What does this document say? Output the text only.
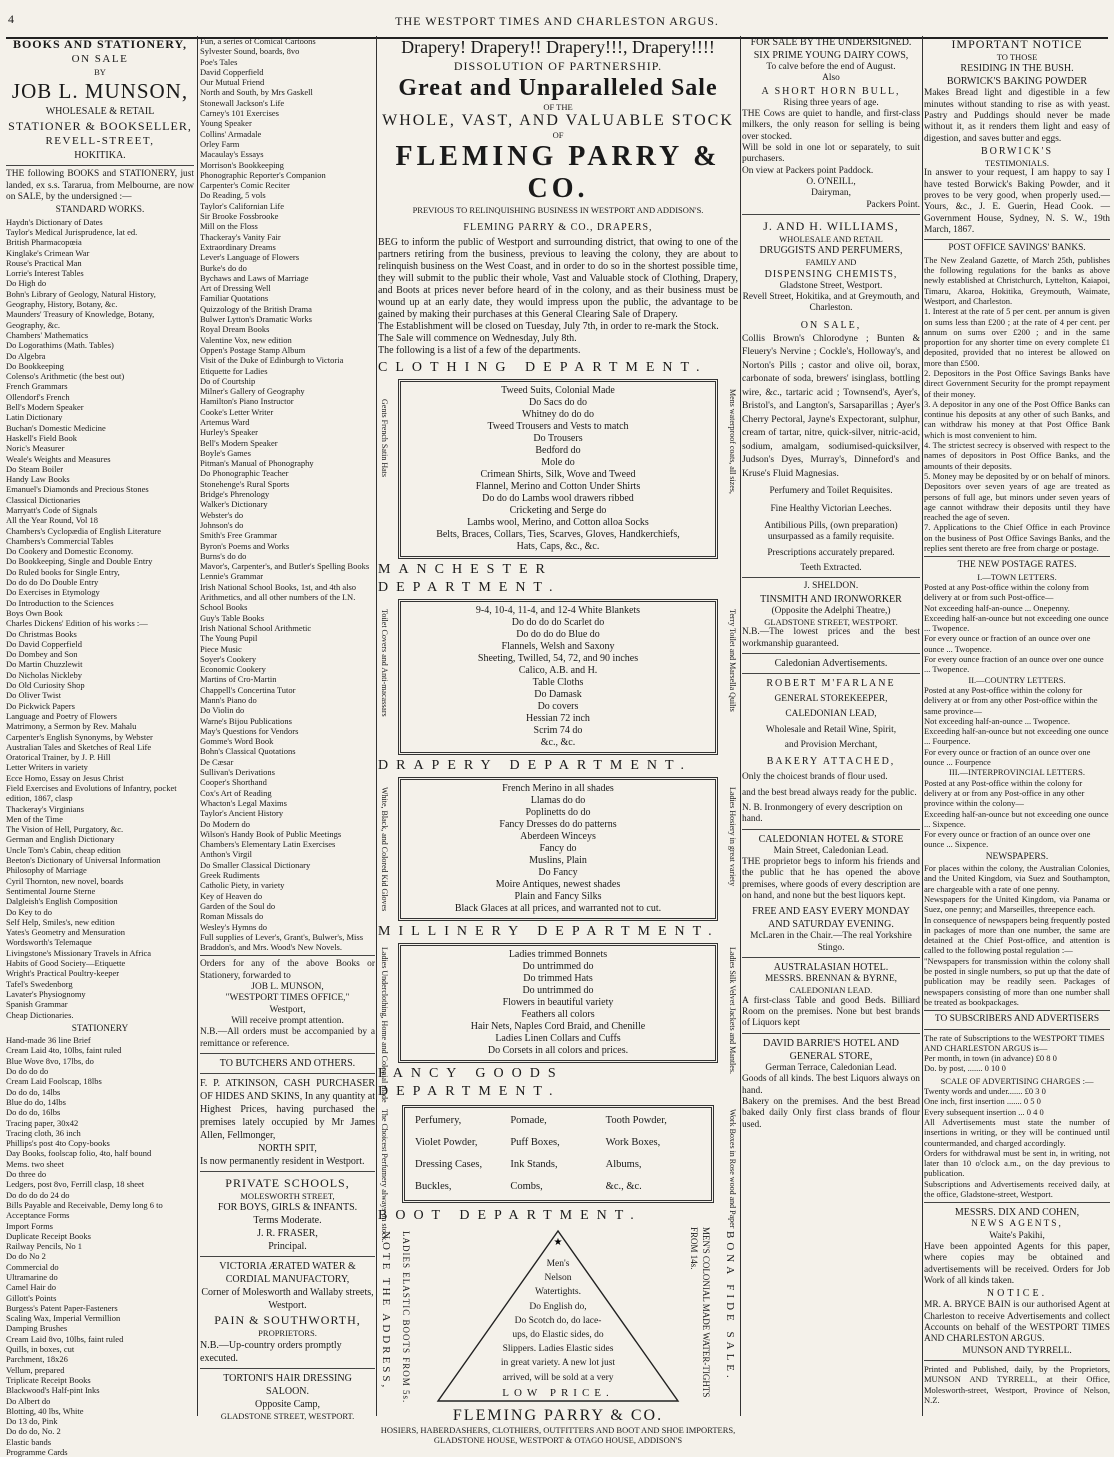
4	THE WESTPORT TIMES AND CHARLESTON ARGUS.
BOOKS AND STATIONERY,
ON SALE
BY
JOB L. MUNSON,
WHOLESALE & RETAIL
STATIONER & BOOKSELLER,
REVELL-STREET,
HOKITIKA.
THE following BOOKS and STATIONERY, just landed, ex s.s. Tararua, from Melbourne, are now on SALE, by the undersigned :—
STANDARD WORKS.
Haydn's Dictionary of Dates
Taylor's Medical Jurisprudence, lat ed.
British Pharmacopœia
Kinglake's Crimean War
Rouse's Practical Man
Lorrie's Interest Tables
Do High do
Bohn's Library of Geology, Natural History, Geography, History, Botany, &c.
Maunders' Treasury of Knowledge, Botany, Geography, &c.
Chambers' Mathematics
Do Logorathims (Math. Tables)
Do Algebra
Do Bookkeeping
Colenso's Arithmetic (the best out)
French Grammars
Ollendorf's French
Bell's Modern Speaker
Latin Dictionary
Buchan's Domestic Medicine
Haskell's Field Book
Noric's Measurer
Weale's Weights and Measures
Do Steam Boiler
Handy Law Books
Emanuel's Diamonds and Precious Stones
Classical Dictionaries
Marryatt's Code of Signals
All the Year Round, Vol 18
Chambers's Cyclopædia of English Literature
Chambers's Commercial Tables
Do Cookery and Domestic Economy.
Do Bookkeeping, Single and Double Entry
Do Ruled books for Single Entry,
Do do do Do Double Entry
Do Exercises in Etymology
Do Introduction to the Sciences
Boys Own Book
Charles Dickens' Edition of his works :—
Do Christmas Books
Do David Copperfield
Do Dombey and Son
Do Martin Chuzzlewit
Do Nicholas Nickleby
Do Old Curiosity Shop
Do Oliver Twist
Do Pickwick Papers
Language and Poetry of Flowers
Matrimony, a Sermon by Rev. Mahalu
Carpenter's English Synonyms, by Webster
Australian Tales and Sketches of Real Life
Oratorical Trainer, by J. P. Hill
Letter Writers in variety
Ecce Homo, Essay on Jesus Christ
Field Exercises and Evolutions of Infantry, pocket edition, 1867, clasp
Thackeray's Virginians
Men of the Time
The Vision of Hell, Purgatory, &c.
German and English Dictionary
Uncle Tom's Cabin, cheap edition
Beeton's Dictionary of Universal Information
Philosophy of Marriage
Cyril Thornton, new novel, boards
Sentimental Journe Sterne
Dalgleish's English Composition
Do Key to do
Self Help, Smiles's, new edition
Yates's Geometry and Mensuration
Wordsworth's Telemaque
Livingstone's Missionary Travels in Africa
Habits of Good Society—Etiquette
Wright's Practical Poultry-keeper
Tafel's Swedenborg
Lavater's Physiognomy
Spanish Grammar
Cheap Dictionaries.
STATIONERY
Hand-made 36 line Brief
Cream Laid 4to, 10lbs, faint ruled
Blue Wove 8vo, 17lbs, do
Do do do do
Cream Laid Foolscap, 18lbs
Do do do, 14lbs
Blue do do, 14lbs
Do do do, 16lbs
Tracing paper, 30x42
Tracing cloth, 36 inch
Phillips's post 4to Copy-books
Day Books, foolscap folio, 4to, half bound
Mems. two sheet
Do three do
Ledgers, post 8vo, Ferrill clasp, 18 sheet
Do do do do 24 do
Bills Payable and Receivable, Demy long 6 to
Acceptance Forms
Import Forms
Duplicate Receipt Books
Railway Pencils, No 1
Do do No 2
Commercial do
Ultramarine do
Camel Hair do
Gillott's Points
Burgess's Patent Paper-Fasteners
Scaling Wax, Imperial Vermillion
Damping Brushes
Cream Laid 8vo, 10lbs, faint ruled
Quills, in boxes, cut
Parchment, 18x26
Vellum, prepared
Triplicate Receipt Books
Blackwood's Half-pint Inks
Do Albert do
Blotting, 40 lbs, White
Do 13 do, Pink
Do do do, No. 2
Elastic bands
Programme Cards
Fun, a series of Comical Cartoons
Sylvester Sound, boards, 8vo
Poe's Tales
David Copperfield
Our Mutual Friend
North and South, by Mrs Gaskell
Stonewall Jackson's Life
Carney's 101 Exercises
Young Speaker
Collins' Armadale
Orley Farm
Macaulay's Essays
Morrison's Bookkeeping
Phonographic Reporter's Companion
Carpenter's Comic Reciter
Do Reading, 5 vols
Taylor's Californian Life
Sir Brooke Fossbrooke
Mill on the Floss
Thackeray's Vanity Fair
Extraordinary Dreams
Lever's Language of Flowers
Burke's do do
Bychaws and Laws of Marriage
Art of Dressing Well
Familiar Quotations
Quizzology of the British Drama
Bulwer Lytton's Dramatic Works
Royal Dream Books
Valentine Vox, new edition
Oppen's Postage Stamp Album
Visit of the Duke of Edinburgh to Victoria
Etiquette for Ladies
Do of Courtship
Milner's Gallery of Geography
Hamilton's Piano Instructor
Cooke's Letter Writer
Artemus Ward
Hurley's Speaker
Bell's Modern Speaker
Boyle's Games
Pitman's Manual of Phonography
Do Phonographic Teacher
Stonehenge's Rural Sports
Bridge's Phrenology
Walker's Dictionary
Webster's do
Johnson's do
Smith's Free Grammar
Byron's Poems and Works
Burns's do do
Mavor's, Carpenter's, and Butler's Spelling Books
Lennie's Grammar
Irish National School Books, 1st, and 4th also Arithmetics, and all other numbers of the I.N. School Books
Guy's Table Books
Irish National School Arithmetic
The Young Pupil
Piece Music
Soyer's Cookery
Economic Cookery
Martins of Cro-Martin
Chappell's Concertina Tutor
Mann's Piano do
Do Violin do
Warne's Bijou Publications
May's Questions for Vendors
Gomme's Word Book
Bohn's Classical Quotations
De Cæsar
Sullivan's Derivations
Cooper's Shorthand
Cox's Art of Reading
Whacton's Legal Maxims
Taylor's Ancient History
Do Modern do
Wilson's Handy Book of Public Meetings
Chambers's Elementary Latin Exercises
Anthon's Virgil
Do Smaller Classical Dictionary
Greek Rudiments
Catholic Piety, in variety
Key of Heaven do
Garden of the Soul do
Roman Missals do
Wesley's Hymns do
Full supplies of Lever's, Grant's, Bulwer's, Miss Braddon's, and Mrs. Wood's New Novels.
Orders for any of the above Books or Stationery, forwarded to
JOB L. MUNSON,
"WESTPORT TIMES OFFICE,"
Westport,
Will receive prompt attention.
N.B.—All orders must be accompanied by a remittance or reference.
TO BUTCHERS AND OTHERS.
F. P. ATKINSON, CASH PURCHASER OF HIDES AND SKINS, In any quantity at Highest Prices, having purchased the premises lately occupied by Mr James Allen, Fellmonger,
NORTH SPIT,
Is now permanently resident in Westport.
PRIVATE SCHOOLS,
MOLESWORTH STREET,
FOR BOYS, GIRLS & INFANTS.
Terms Moderate.
J. R. FRASER,
Principal.
VICTORIA ÆRATED WATER & CORDIAL MANUFACTORY,
Corner of Molesworth and Wallaby streets, Westport.
PAIN & SOUTHWORTH,
PROPRIETORS.
N.B.—Up-country orders promptly executed.
TORTONI'S HAIR DRESSING
SALOON.
Opposite Camp,
GLADSTONE STREET, WESTPORT.
Drapery! Drapery!! Drapery!!!, Drapery!!!!
DISSOLUTION OF PARTNERSHIP.
Great and Unparalleled Sale
OF THE
WHOLE, VAST, AND VALUABLE STOCK
OF
FLEMING PARRY & CO.
PREVIOUS TO RELINQUISHING BUSINESS IN WESTPORT AND ADDISON'S.
FLEMING PARRY & CO., DRAPERS,
BEG to inform the public of Westport and surrounding district, that owing to one of the partners retiring from the business, previous to leaving the colony, they are about to relinquish business on the West Coast, and in order to do so in the shortest possible time, they will submit to the public their whole, Vast and Valuable stock of Clothing, Drapery, and Boots at prices never before heard of in the colony, and as their business must be wound up at an early date, they would impress upon the public, the advantage to be gained by making their purchases at this General Clearing Sale of Drapery.
The Establishment will be closed on Tuesday, July 7th, in order to re-mark the Stock.
The Sale will commence on Wednesday, July 8th.
The following is a list of a few of the departments.
CLOTHING DEPARTMENT.
Gents French Satin Hats	Mens waterproof coats, all sizes,
Tweed Suits, Colonial Made
Do Sacs do do
Whitney do do do
Tweed Trousers and Vests to match
Do Trousers
Bedford do
Mole do
Crimean Shirts, Silk, Wove and Tweed
Flannel, Merino and Cotton Under Shirts
Do do do Lambs wool drawers ribbed
Cricketing and Serge do
Lambs wool, Merino, and Cotton alloa Socks
Belts, Braces, Collars, Ties, Scarves, Gloves, Handkerchiefs,
Hats, Caps, &c., &c.
MANCHESTER DEPARTMENT.
Toilet Covers and Anti-macassars	Terry Toilet and Marsella Quilts
9-4, 10-4, 11-4, and 12-4 White Blankets
Do do do do Scarlet do
Do do do do Blue do
Flannels, Welsh and Saxony
Sheeting, Twilled, 54, 72, and 90 inches
Calico, A.B. and H.
Table Cloths
Do Damask
Do covers
Hessian 72 inch
Scrim 74 do
&c., &c.
DRAPERY DEPARTMENT.
White, Black, and Colored Kid Gloves	Ladies Hosiery in great variety
French Merino in all shades
Llamas do do
Poplinetts do do
Fancy Dresses do do patterns
Aberdeen Winceys
Fancy do
Muslins, Plain
Do Fancy
Moire Antiques, newest shades
Plain and Fancy Silks
Black Glaces at all prices, and warranted not to cut.
MILLINERY DEPARTMENT.
Ladies Underclothing, Home and Colonial made	Ladies Silk Velvet Jackets and Mantles.
Ladies trimmed Bonnets
Do untrimmed do
Do trimmed Hats
Do untrimmed do
Flowers in beautiful variety
Feathers all colors
Hair Nets, Naples Cord Braid, and Chenille
Ladies Linen Collars and Cuffs
Do Corsets in all colors and prices.
FANCY GOODS DEPARTMENT.
The Choicest Perfumery always on stock.	Work Boxes in Rose wood and Paper
Perfumery,	Pomade,	Tooth Powder,
Violet Powder,	Puff Boxes,	Work Boxes,
Dressing Cases,	Ink Stands,	Albums,
Buckles,	Combs,	&c., &c.
BOOT DEPARTMENT.
NOTE THE ADDRESS, LADIES ELASTIC BOOTS FROM 5s.	MEN'S COLONIAL MADE WATER-TIGHTS FROM 14s.	BONA FIDE SALE.
★
Men's
Nelson
Watertights.
Do English do,
Do Scotch do, do lace-
ups, do Elastic sides, do
Slippers. Ladies Elastic sides
in great variety. A new lot just
arrived, will be sold at a very
LOW PRICE.
FLEMING PARRY & CO.
HOSIERS, HABERDASHERS, CLOTHIERS, OUTFITTERS AND BOOT AND SHOE IMPORTERS, GLADSTONE HOUSE, WESTPORT & OTAGO HOUSE, ADDISON'S
FOR SALE BY THE UNDERSIGNED.
SIX PRIME YOUNG DAIRY COWS,
To calve before the end of August.
Also
A SHORT HORN BULL,
Rising three years of age.
THE Cows are quiet to handle, and first-class milkers, the only reason for selling is being over stocked.
Will be sold in one lot or separately, to suit purchasers.
On view at Packers point Paddock.
O. O'NEILL,
Dairyman,
Packers Point.
J. AND H. WILLIAMS,
WHOLESALE AND RETAIL
DRUGGISTS AND PERFUMERS,
FAMILY AND
DISPENSING CHEMISTS,
Gladstone Street, Westport.
Revell Street, Hokitika, and at Greymouth, and Charleston.
ON SALE,
Collis Brown's Chlorodyne ; Bunten & Fleuery's Nervine ; Cockle's, Holloway's, and Norton's Pills ; castor and olive oil, borax, carbonate of soda, brewers' isinglass, bottling wire, &c., tartaric acid ; Townsend's, Ayer's, Bristol's, and Langton's, Sarsaparillas ; Ayer's Cherry Pectoral, Jayne's Expectorant, sulphur, cream of tartar, nitre, quick-silver, nitric-acid, sodium, amalgam, sodiumised-quicksilver, Judson's Dyes, Murray's, Dinneford's and Kruse's Fluid Magnesias.
Perfumery and Toilet Requisites.
Fine Healthy Victorian Leeches.
Antibilious Pills, (own preparation) unsurpassed as a family requisite.
Prescriptions accurately prepared.
Teeth Extracted.
J. SHELDON.
TINSMITH AND IRONWORKER
(Opposite the Adelphi Theatre,)
GLADSTONE STREET, WESTPORT.
N.B.—The lowest prices and the best workmanship guaranteed.
Caledonian Advertisements.
ROBERT M'FARLANE
GENERAL STOREKEEPER,
CALEDONIAN LEAD,
Wholesale and Retail Wine, Spirit,
and Provision Merchant,
BAKERY ATTACHED,
Only the choicest brands of flour used.
and the best bread always ready for the public.
N. B. Ironmongery of every description on hand.
CALEDONIAN HOTEL & STORE
Main Street, Caledonian Lead.
THE proprietor begs to inform his friends and the public that he has opened the above premises, where goods of every description are on hand, and none but the best liquors kept.
FREE AND EASY EVERY MONDAY AND SATURDAY EVENING.
McLaren in the Chair.—The real Yorkshire Stingo.
AUSTRALASIAN HOTEL.
MESSRS. BRENNAN & BYRNE,
CALEDONIAN LEAD.
A first-class Table and good Beds. Billiard Room on the premises. None but best brands of Liquors kept
DAVID BARRIE'S HOTEL AND GENERAL STORE,
German Terrace, Caledonian Lead.
Goods of all kinds. The best Liquors always on hand.
Bakery on the premises. And the best Bread baked daily Only first class brands of flour used.
IMPORTANT NOTICE
TO THOSE
RESIDING IN THE BUSH.
BORWICK'S BAKING POWDER
Makes Bread light and digestible in a few minutes without standing to rise as with yeast. Pastry and Puddings should never be made without it, as it renders them light and easy of digestion, and saves butter and eggs.
BORWICK'S
TESTIMONIALS.
In answer to your request, I am happy to say I have tested Borwick's Baking Powder, and it proves to be very good, when properly used.—Yours, &c., J. E. Guerin, Head Cook. —Government House, Sydney, N. S. W., 19th March, 1867.
POST OFFICE SAVINGS' BANKS.
The New Zealand Gazette, of March 25th, publishes the following regulations for the banks as above newly established at Christchurch, Lyttelton, Kaiapoi, Timaru, Akaroa, Hokitika, Greymouth, Waimate, Westport, and Charleston.
1. Interest at the rate of 5 per cent. per annum is given on sums less than £200 ; at the rate of 4 per cent. per annum on sums over £200 ; and in the same proportion for any shorter time on every complete £1 deposited, provided that no interest be allowed on more than £500.
2. Depositors in the Post Office Savings Banks have direct Government Security for the prompt repayment of their money.
3. A depositor in any one of the Post Office Banks can continue his deposits at any other of such Banks, and can withdraw his money at that Post Office Bank which is most convenient to him.
4. The strictest secrecy is observed with respect to the names of depositors in Post Office Banks, and the amounts of their deposits.
5. Money may be deposited by or on behalf of minors. Depositors over seven years of age are treated as persons of full age, but minors under seven years of age cannot withdraw their deposits until they have reached the age of seven.
7. Applications to the Chief Office in each Province on the business of Post Office Savings Banks, and the replies sent thereto are free from charge or postage.
THE NEW POSTAGE RATES.
I.—TOWN LETTERS.
Posted at any Post-office within the colony from delivery at or from such Post-office—
Not exceeding half-an-ounce ... Onepenny.
Exceeding half-an-ounce but not exceeding one ounce ... Twopence.
For every ounce or fraction of an ounce over one ounce ... Twopence.
For every ounce fraction of an ounce over one ounce ... Twopence.
II.—COUNTRY LETTERS.
Posted at any Post-office within the colony for delivery at or from any other Post-office within the same province—
Not exceeding half-an-ounce ... Twopence.
Exceeding half-an-ounce but not exceeding one ounce ... Fourpence.
For every ounce or fraction of an ounce over one ounce ... Fourpence
III.—INTERPROVINCIAL LETTERS.
Posted at any Post-office within the colony for delivery at or from any Post-office in any other province within the colony—
Exceeding half-an-ounce but not exceeding one ounce ... Sixpence.
For every ounce or fraction of an ounce over one ounce ... Sixpence.
NEWSPAPERS.
For places within the colony, the Australian Colonies, and the United Kingdom, via Suez and Southampton, are chargeable with a rate of one penny.
Newspapers for the United Kingdom, via Panama or Suez, one penny; and Marseilles, threepence each.
In consequence of newspapers being frequently posted in packages of more than one number, the same are detained at the Chief Post-office, and attention is called to the following postal regulation :—
"Newspapers for transmission within the colony shall be posted in single numbers, so put up that the date of publication may be readily seen. Packages of newspapers consisting of more than one number shall be treated as bookpackages.
TO SUBSCRIBERS AND ADVERTISERS
The rate of Subscriptions to the WESTPORT TIMES AND CHARLESTON ARGUS is—
Per month, in town (in advance) £0 8 0
Do. by post, ....... 0 10 0
SCALE OF ADVERTISING CHARGES :—
Twenty words and under....... £0 3 0
One inch, first insertion ....... 0 5 0
Every subsequent insertion ... 0 4 0
All Advertisements must state the number of insertions in writing, or they will be continued until countermanded, and charged accordingly.
Orders for withdrawal must be sent in, in writing, not later than 10 o'clock a.m., on the day previous to publication.
Subscriptions and Advertisements received daily, at the office, Gladstone-street, Westport.
MESSRS. DIX AND COHEN,
NEWS AGENTS,
Waite's Pakihi,
Have been appointed Agents for this paper, where copies may be obtained and advertisements will be received. Orders for Job Work of all kinds taken.
NOTICE.
MR. A. BRYCE BAIN is our authorised Agent at Charleston to receive Advertisements and collect Accounts on behalf of the WESTPORT TIMES AND CHARLESTON ARGUS.
MUNSON AND TYRRELL.
Printed and Published, daily, by the Proprietors, MUNSON AND TYRRELL, at their Office, Molesworth-street, Westport, Province of Nelson, N.Z.
